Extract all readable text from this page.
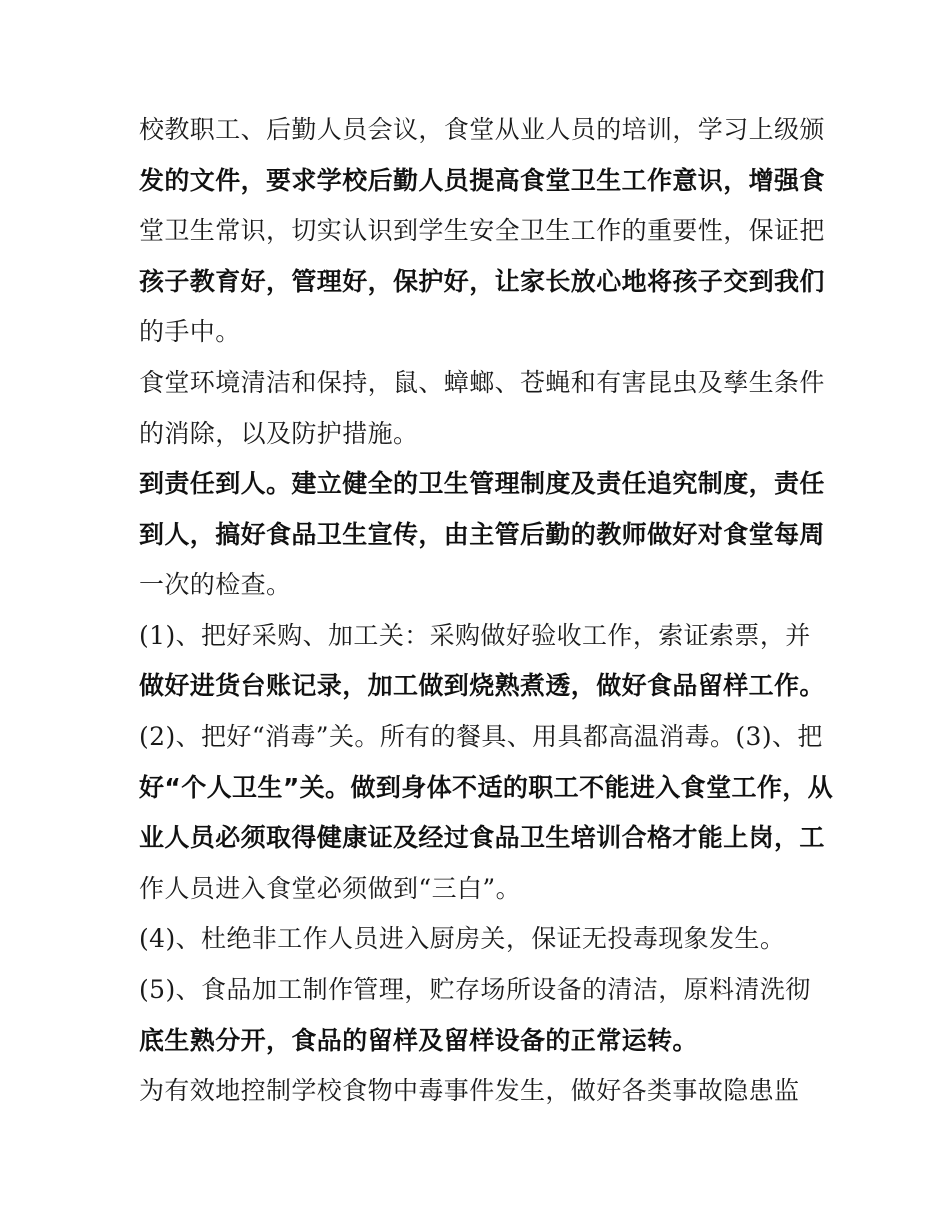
校教职工、后勤人员会议，食堂从业人员的培训，学习上级颁
发的文件，要求学校后勤人员提高食堂卫生工作意识，增强食
堂卫生常识，切实认识到学生安全卫生工作的重要性，保证把
孩子教育好，管理好，保护好，让家长放心地将孩子交到我们
的手中。
食堂环境清洁和保持，鼠、蟑螂、苍蝇和有害昆虫及孳生条件
的消除，以及防护措施。
到责任到人。建立健全的卫生管理制度及责任追究制度，责任
到人，搞好食品卫生宣传，由主管后勤的教师做好对食堂每周
一次的检查。
(1)、把好采购、加工关：采购做好验收工作，索证索票，并
做好进货台账记录，加工做到烧熟煮透，做好食品留样工作。
(2)、把好“消毒”关。所有的餐具、用具都高温消毒。(3)、把
好“个人卫生”关。做到身体不适的职工不能进入食堂工作，从
业人员必须取得健康证及经过食品卫生培训合格才能上岗，工
作人员进入食堂必须做到“三白”。
(4)、杜绝非工作人员进入厨房关，保证无投毒现象发生。
(5)、食品加工制作管理，贮存场所设备的清洁，原料清洗彻
底生熟分开，食品的留样及留样设备的正常运转。
为有效地控制学校食物中毒事件发生，做好各类事故隐患监
